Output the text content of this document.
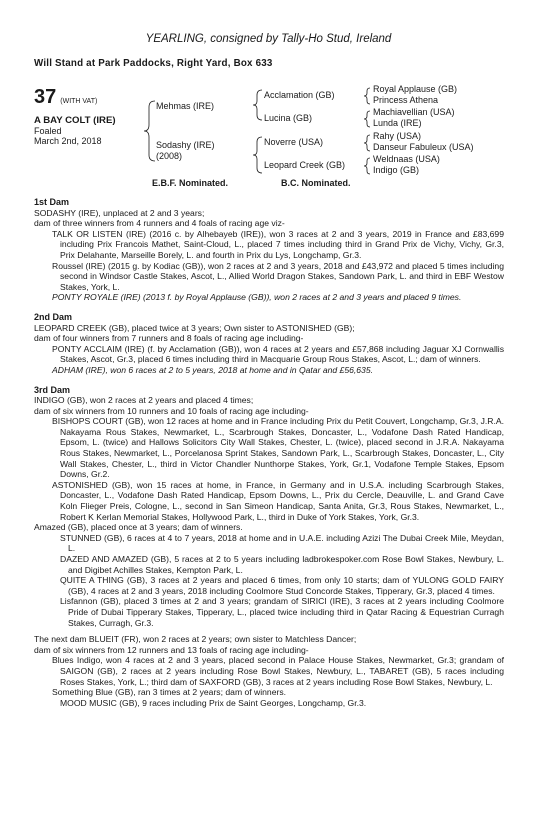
YEARLING, consigned by Tally-Ho Stud, Ireland
Will Stand at Park Paddocks, Right Yard, Box 633
37 (WITH VAT)
A BAY COLT (IRE)
Foaled
March 2nd, 2018
Mehmas (IRE)
Sodashy (IRE)
(2008)
Acclamation (GB)
Lucina (GB)
Noverre (USA)
Leopard Creek (GB)
Royal Applause (GB)
Princess Athena
Machiavellian (USA)
Lunda (IRE)
Rahy (USA)
Danseur Fabuleux (USA)
Weldnaas (USA)
Indigo (GB)
E.B.F. Nominated.	B.C. Nominated.
1st Dam

SODASHY (IRE), unplaced at 2 and 3 years;

dam of three winners from 4 runners and 4 foals of racing age viz-

TALK OR LISTEN (IRE) (2016 c. by Alhebayeb (IRE)), won 3 races at 2 and 3 years, 2019 in France and £83,699 including Prix Francois Mathet, Saint-Cloud, L., placed 7 times including third in Grand Prix de Vichy, Vichy, Gr.3, Prix Delahante, Marseille Borely, L. and fourth in Prix du Lys, Longchamp, Gr.3.

Roussel (IRE) (2015 g. by Kodiac (GB)), won 2 races at 2 and 3 years, 2018 and £43,972 and placed 5 times including second in Windsor Castle Stakes, Ascot, L., Allied World Dragon Stakes, Sandown Park, L. and third in EBF Westow Stakes, York, L.

PONTY ROYALE (IRE) (2013 f. by Royal Applause (GB)), won 2 races at 2 and 3 years and placed 9 times.

2nd Dam

LEOPARD CREEK (GB), placed twice at 3 years; Own sister to ASTONISHED (GB);

dam of four winners from 7 runners and 8 foals of racing age including-

PONTY ACCLAIM (IRE) (f. by Acclamation (GB)), won 4 races at 2 years and £57,868 including Jaguar XJ Cornwallis Stakes, Ascot, Gr.3, placed 6 times including third in Macquarie Group Rous Stakes, Ascot, L.; dam of winners.

ADHAM (IRE), won 6 races at 2 to 5 years, 2018 at home and in Qatar and £56,635.

3rd Dam

INDIGO (GB), won 2 races at 2 years and placed 4 times;

dam of six winners from 10 runners and 10 foals of racing age including-

BISHOPS COURT (GB), won 12 races at home and in France including Prix du Petit Couvert, Longchamp, Gr.3, J.R.A. Nakayama Rous Stakes, Newmarket, L., Scarbrough Stakes, Doncaster, L., Vodafone Dash Rated Handicap, Epsom, L. (twice) and Hallows Solicitors City Wall Stakes, Chester, L. (twice), placed second in J.R.A. Nakayama Rous Stakes, Newmarket, L., Porcelanosa Sprint Stakes, Sandown Park, L., Scarbrough Stakes, Doncaster, L., City Wall Stakes, Chester, L., third in Victor Chandler Nunthorpe Stakes, York, Gr.1, Vodafone Temple Stakes, Epsom Downs, Gr.2.

ASTONISHED (GB), won 15 races at home, in France, in Germany and in U.S.A. including Scarbrough Stakes, Doncaster, L., Vodafone Dash Rated Handicap, Epsom Downs, L., Prix du Cercle, Deauville, L. and Grand Cave Koln Flieger Preis, Cologne, L., second in San Simeon Handicap, Santa Anita, Gr.3, Rous Stakes, Newmarket, L., Robert K Kerlan Memorial Stakes, Hollywood Park, L., third in Duke of York Stakes, York, Gr.3.

Amazed (GB), placed once at 3 years; dam of winners.

STUNNED (GB), 6 races at 4 to 7 years, 2018 at home and in U.A.E. including Azizi The Dubai Creek Mile, Meydan, L.

DAZED AND AMAZED (GB), 5 races at 2 to 5 years including ladbrokespoker.com Rose Bowl Stakes, Newbury, L. and Digibet Achilles Stakes, Kempton Park, L.

QUITE A THING (GB), 3 races at 2 years and placed 6 times, from only 10 starts; dam of YULONG GOLD FAIRY (GB), 4 races at 2 and 3 years, 2018 including Coolmore Stud Concorde Stakes, Tipperary, Gr.3, placed 4 times.

Lisfannon (GB), placed 3 times at 2 and 3 years; grandam of SIRICI (IRE), 3 races at 2 years including Coolmore Pride of Dubai Tipperary Stakes, Tipperary, L., placed twice including third in Qatar Racing & Equestrian Curragh Stakes, Curragh, Gr.3.

The next dam BLUEIT (FR), won 2 races at 2 years; own sister to Matchless Dancer;

dam of six winners from 12 runners and 13 foals of racing age including-

Blues Indigo, won 4 races at 2 and 3 years, placed second in Palace House Stakes, Newmarket, Gr.3; grandam of SAIGON (GB), 2 races at 2 years including Rose Bowl Stakes, Newbury, L., TABARET (GB), 5 races including Roses Stakes, York, L.; third dam of SAXFORD (GB), 3 races at 2 years including Rose Bowl Stakes, Newbury, L.

Something Blue (GB), ran 3 times at 2 years; dam of winners.

MOOD MUSIC (GB), 9 races including Prix de Saint Georges, Longchamp, Gr.3.
